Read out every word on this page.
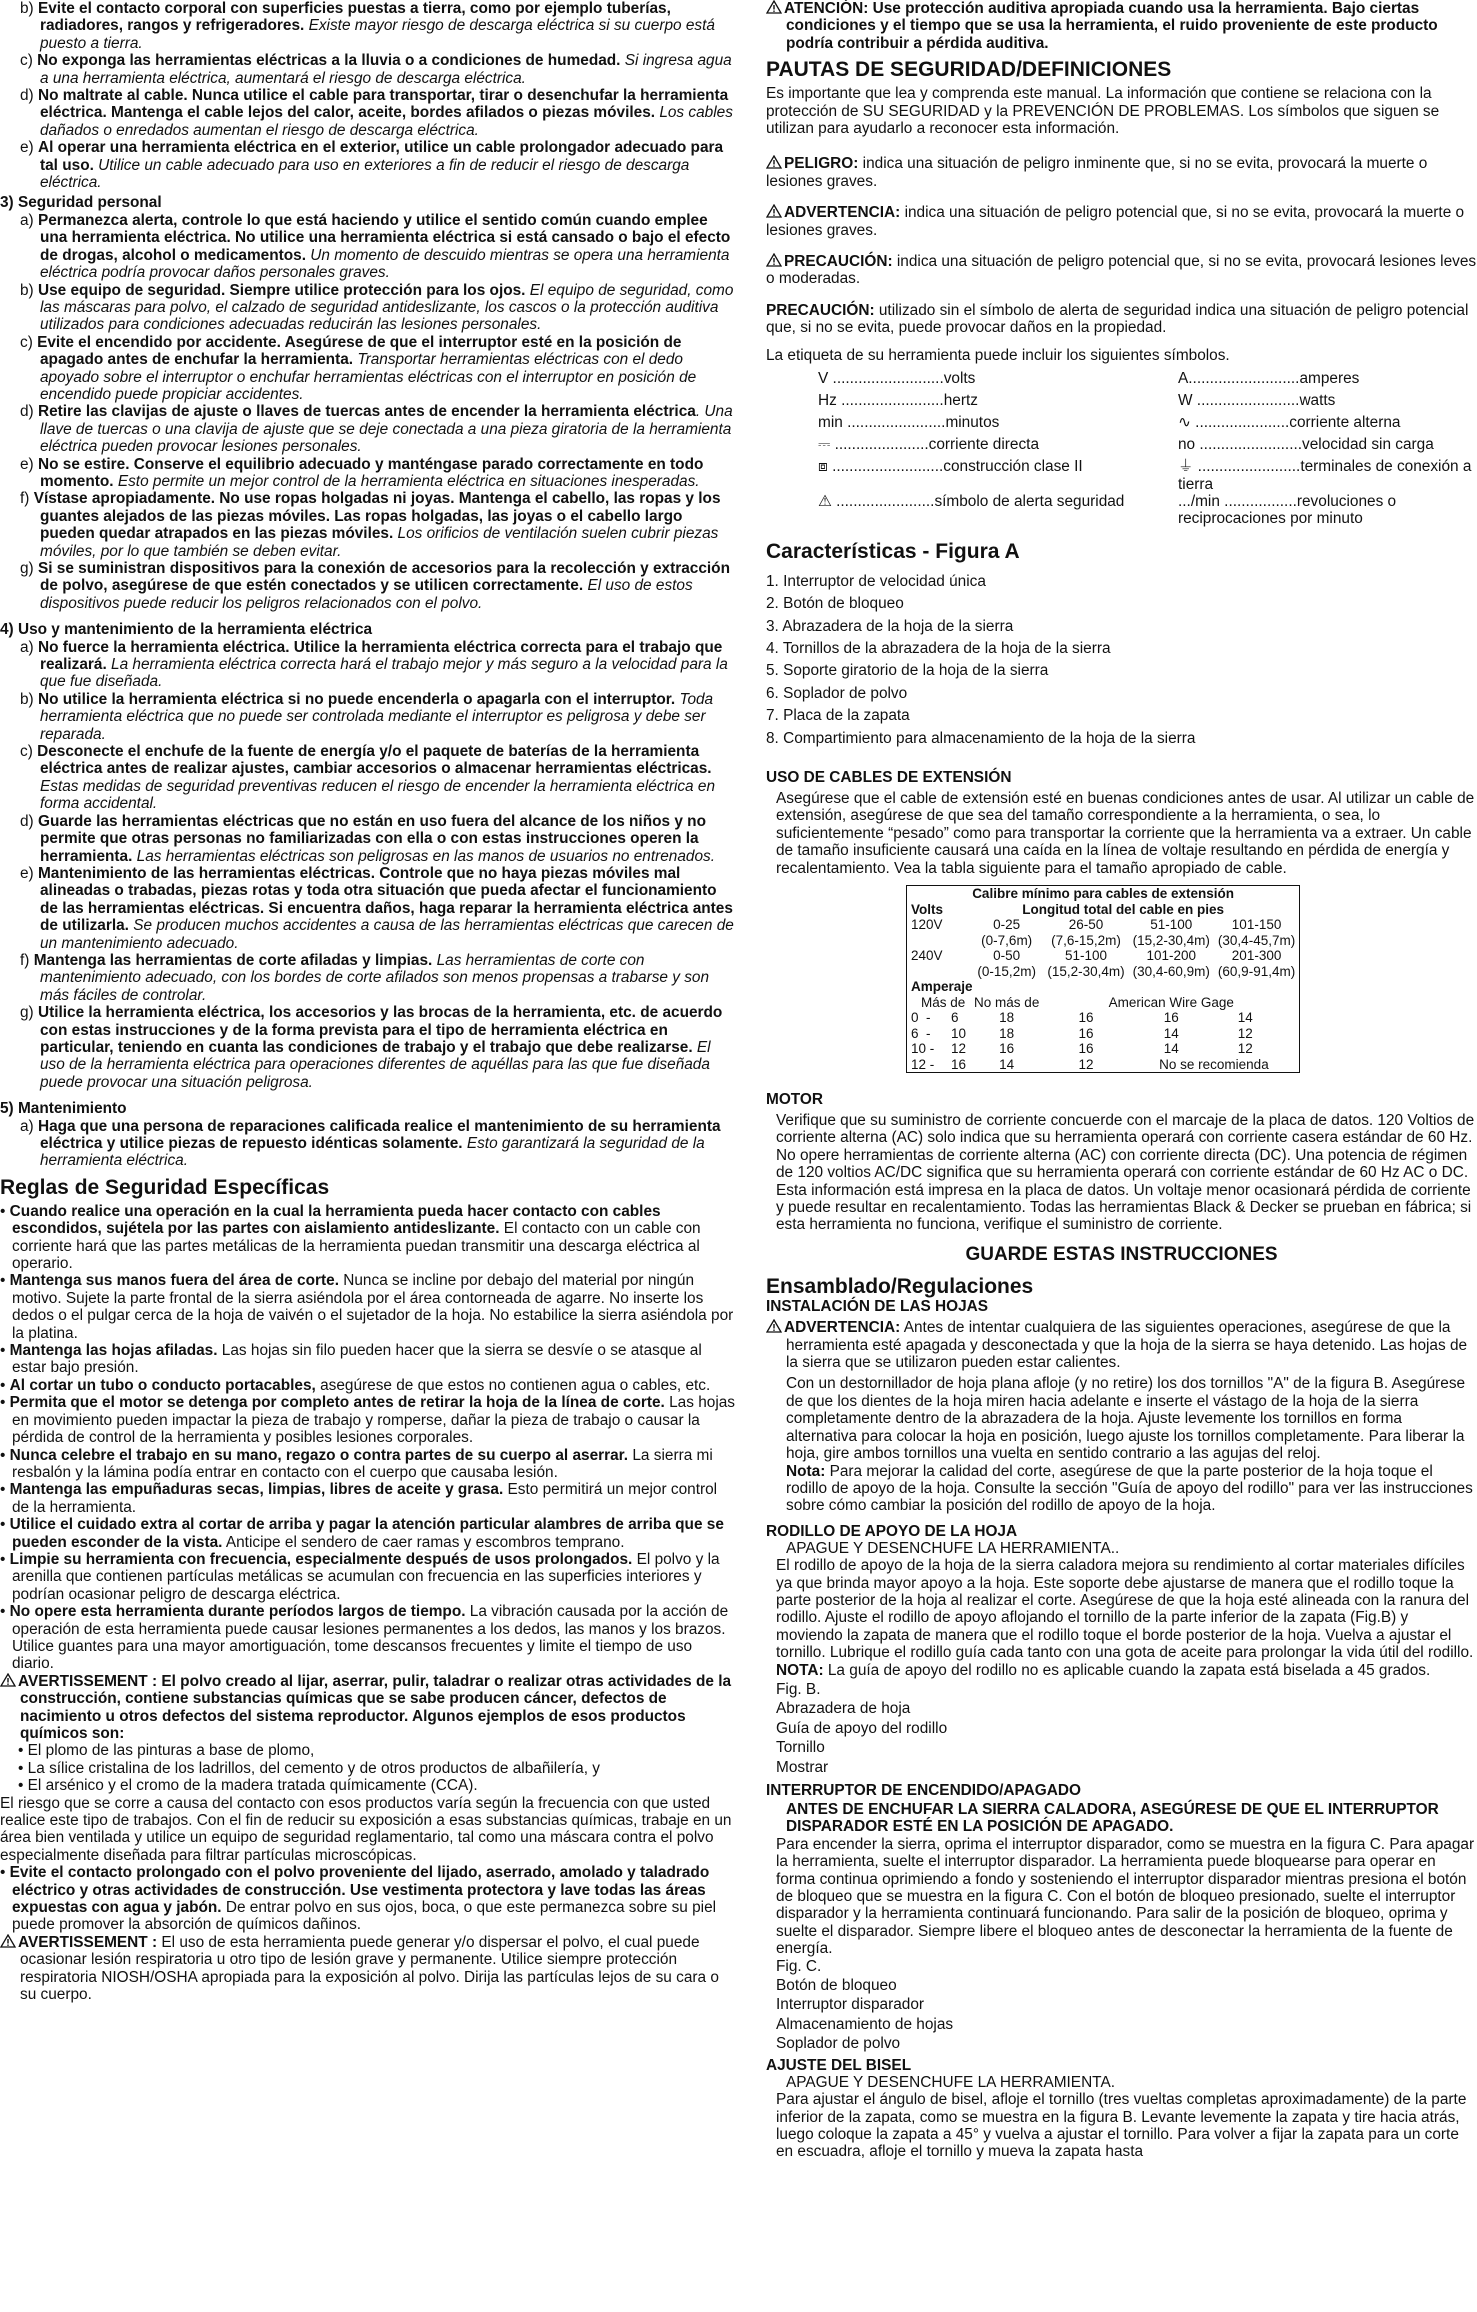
b) Evite el contacto corporal con superficies puestas a tierra, como por ejemplo tuberías, radiadores, rangos y refrigeradores. Existe mayor riesgo de descarga eléctrica si su cuerpo está puesto a tierra.

c) No exponga las herramientas eléctricas a la lluvia o a condiciones de humedad. Si ingresa agua a una herramienta eléctrica, aumentará el riesgo de descarga eléctrica.

d) No maltrate al cable. Nunca utilice el cable para transportar, tirar o desenchufar la herramienta eléctrica. Mantenga el cable lejos del calor, aceite, bordes afilados o piezas móviles. Los cables dañados o enredados aumentan el riesgo de descarga eléctrica.

e) Al operar una herramienta eléctrica en el exterior, utilice un cable prolongador adecuado para tal uso. Utilice un cable adecuado para uso en exteriores a fin de reducir el riesgo de descarga eléctrica.

3) Seguridad personal

a) Permanezca alerta, controle lo que está haciendo y utilice el sentido común cuando emplee una herramienta eléctrica. No utilice una herramienta eléctrica si está cansado o bajo el efecto de drogas, alcohol o medicamentos. Un momento de descuido mientras se opera una herramienta eléctrica podría provocar daños personales graves.

b) Use equipo de seguridad. Siempre utilice protección para los ojos. El equipo de seguridad, como las máscaras para polvo, el calzado de seguridad antideslizante, los cascos o la protección auditiva utilizados para condiciones adecuadas reducirán las lesiones personales.

c) Evite el encendido por accidente. Asegúrese de que el interruptor esté en la posición de apagado antes de enchufar la herramienta. Transportar herramientas eléctricas con el dedo apoyado sobre el interruptor o enchufar herramientas eléctricas con el interruptor en posición de encendido puede propiciar accidentes.

d) Retire las clavijas de ajuste o llaves de tuercas antes de encender la herramienta eléctrica. Una llave de tuercas o una clavija de ajuste que se deje conectada a una pieza giratoria de la herramienta eléctrica pueden provocar lesiones personales.

e) No se estire. Conserve el equilibrio adecuado y manténgase parado correctamente en todo momento. Esto permite un mejor control de la herramienta eléctrica en situaciones inesperadas.

f) Vístase apropiadamente. No use ropas holgadas ni joyas. Mantenga el cabello, las ropas y los guantes alejados de las piezas móviles. Las ropas holgadas, las joyas o el cabello largo pueden quedar atrapados en las piezas móviles. Los orificios de ventilación suelen cubrir piezas móviles, por lo que también se deben evitar.

g) Si se suministran dispositivos para la conexión de accesorios para la recolección y extracción de polvo, asegúrese de que estén conectados y se utilicen correctamente. El uso de estos dispositivos puede reducir los peligros relacionados con el polvo.

4) Uso y mantenimiento de la herramienta eléctrica

a) No fuerce la herramienta eléctrica. Utilice la herramienta eléctrica correcta para el trabajo que realizará. La herramienta eléctrica correcta hará el trabajo mejor y más seguro a la velocidad para la que fue diseñada.

b) No utilice la herramienta eléctrica si no puede encenderla o apagarla con el interruptor. Toda herramienta eléctrica que no puede ser controlada mediante el interruptor es peligrosa y debe ser reparada.

c) Desconecte el enchufe de la fuente de energía y/o el paquete de baterías de la herramienta eléctrica antes de realizar ajustes, cambiar accesorios o almacenar herramientas eléctricas. Estas medidas de seguridad preventivas reducen el riesgo de encender la herramienta eléctrica en forma accidental.

d) Guarde las herramientas eléctricas que no están en uso fuera del alcance de los niños y no permite que otras personas no familiarizadas con ella o con estas instrucciones operen la herramienta. Las herramientas eléctricas son peligrosas en las manos de usuarios no entrenados.

e) Mantenimiento de las herramientas eléctricas. Controle que no haya piezas móviles mal alineadas o trabadas, piezas rotas y toda otra situación que pueda afectar el funcionamiento de las herramientas eléctricas. Si encuentra daños, haga reparar la herramienta eléctrica antes de utilizarla. Se producen muchos accidentes a causa de las herramientas eléctricas que carecen de un mantenimiento adecuado.

f) Mantenga las herramientas de corte afiladas y limpias. Las herramientas de corte con mantenimiento adecuado, con los bordes de corte afilados son menos propensas a trabarse y son más fáciles de controlar.

g) Utilice la herramienta eléctrica, los accesorios y las brocas de la herramienta, etc. de acuerdo con estas instrucciones y de la forma prevista para el tipo de herramienta eléctrica en particular, teniendo en cuanta las condiciones de trabajo y el trabajo que debe realizarse. El uso de la herramienta eléctrica para operaciones diferentes de aquéllas para las que fue diseñada puede provocar una situación peligrosa.

5) Mantenimiento

a) Haga que una persona de reparaciones calificada realice el mantenimiento de su herramienta eléctrica y utilice piezas de repuesto idénticas solamente. Esto garantizará la seguridad de la herramienta eléctrica.

Reglas de Seguridad Específicas

• Cuando realice una operación en la cual la herramienta pueda hacer contacto con cables escondidos, sujétela por las partes con aislamiento antideslizante. El contacto con un cable con corriente hará que las partes metálicas de la herramienta puedan transmitir una descarga eléctrica al operario.

• Mantenga sus manos fuera del área de corte. Nunca se incline por debajo del material por ningún motivo. Sujete la parte frontal de la sierra asiéndola por el área contorneada de agarre. No inserte los dedos o el pulgar cerca de la hoja de vaivén o el sujetador de la hoja. No estabilice la sierra asiéndola por la platina.

• Mantenga las hojas afiladas. Las hojas sin filo pueden hacer que la sierra se desvíe o se atasque al estar bajo presión.

• Al cortar un tubo o conducto portacables, asegúrese de que estos no contienen agua o cables, etc.

• Permita que el motor se detenga por completo antes de retirar la hoja de la línea de corte. Las hojas en movimiento pueden impactar la pieza de trabajo y romperse, dañar la pieza de trabajo o causar la pérdida de control de la herramienta y posibles lesiones corporales.

• Nunca celebre el trabajo en su mano, regazo o contra partes de su cuerpo al aserrar. La sierra mi resbalón y la lámina podía entrar en contacto con el cuerpo que causaba lesión.

• Mantenga las empuñaduras secas, limpias, libres de aceite y grasa. Esto permitirá un mejor control de la herramienta.

• Utilice el cuidado extra al cortar de arriba y pagar la atención particular alambres de arriba que se pueden esconder de la vista. Anticipe el sendero de caer ramas y escombros temprano.

• Limpie su herramienta con frecuencia, especialmente después de usos prolongados. El polvo y la arenilla que contienen partículas metálicas se acumulan con frecuencia en las superficies interiores y podrían ocasionar peligro de descarga eléctrica.

• No opere esta herramienta durante períodos largos de tiempo. La vibración causada por la acción de operación de esta herramienta puede causar lesiones permanentes a los dedos, las manos y los brazos. Utilice guantes para una mayor amortiguación, tome descansos frecuentes y limite el tiempo de uso diario.

AVERTISSEMENT : El polvo creado al lijar, aserrar, pulir, taladrar o realizar otras actividades de la construcción, contiene substancias químicas que se sabe producen cáncer, defectos de nacimiento u otros defectos del sistema reproductor. Algunos ejemplos de esos productos químicos son:

• El plomo de las pinturas a base de plomo,

• La sílice cristalina de los ladrillos, del cemento y de otros productos de albañilería, y

• El arsénico y el cromo de la madera tratada químicamente (CCA).

El riesgo que se corre a causa del contacto con esos productos varía según la frecuencia con que usted realice este tipo de trabajos. Con el fin de reducir su exposición a esas substancias químicas, trabaje en un área bien ventilada y utilice un equipo de seguridad reglamentario, tal como una máscara contra el polvo especialmente diseñada para filtrar partículas microscópicas.

• Evite el contacto prolongado con el polvo proveniente del lijado, aserrado, amolado y taladrado eléctrico y otras actividades de construcción. Use vestimenta protectora y lave todas las áreas expuestas con agua y jabón. De entrar polvo en sus ojos, boca, o que este permanezca sobre su piel puede promover la absorción de químicos dañinos.

AVERTISSEMENT : El uso de esta herramienta puede generar y/o dispersar el polvo, el cual puede ocasionar lesión respiratoria u otro tipo de lesión grave y permanente. Utilice siempre protección respiratoria NIOSH/OSHA apropiada para la exposición al polvo. Dirija las partículas lejos de su cara o su cuerpo.

ATENCIÓN: Use protección auditiva apropiada cuando usa la herramienta. Bajo ciertas condiciones y el tiempo que se usa la herramienta, el ruido proveniente de este producto podría contribuir a pérdida auditiva.

PAUTAS DE SEGURIDAD/DEFINICIONES

Es importante que lea y comprenda este manual. La información que contiene se relaciona con la protección de SU SEGURIDAD y la PREVENCIÓN DE PROBLEMAS. Los símbolos que siguen se utilizan para ayudarlo a reconocer esta información.

PELIGRO: indica una situación de peligro inminente que, si no se evita, provocará la muerte o lesiones graves.

ADVERTENCIA: indica una situación de peligro potencial que, si no se evita, provocará la muerte o lesiones graves.

PRECAUCIÓN: indica una situación de peligro potencial que, si no se evita, provocará lesiones leves o moderadas.

PRECAUCIÓN: utilizado sin el símbolo de alerta de seguridad indica una situación de peligro potencial que, si no se evita, puede provocar daños en la propiedad.

La etiqueta de su herramienta puede incluir los siguientes símbolos.

V ..........................volts	A..........................amperes
Hz ........................hertz	W ........................watts
min .......................minutos	∿ ......................corriente alterna
⎓ ......................corriente directa	no ........................velocidad sin carga
⧈ ..........................construcción clase II	⏚ ........................terminales de conexión a tierra
⚠ .......................símbolo de alerta seguridad	.../min .................revoluciones o reciprocaciones por minuto
Características - Figura A

1. Interruptor de velocidad única

2. Botón de bloqueo

3. Abrazadera de la hoja de la sierra

4. Tornillos de la abrazadera de la hoja de la sierra

5. Soporte giratorio de la hoja de la sierra

6. Soplador de polvo

7. Placa de la zapata

8. Compartimiento para almacenamiento de la hoja de la sierra

USO DE CABLES DE EXTENSIÓN

Asegúrese que el cable de extensión esté en buenas condiciones antes de usar. Al utilizar un cable de extensión, asegúrese de que sea del tamaño correspondiente a la herramienta, o sea, lo suficientemente “pesado” como para transportar la corriente que la herramienta va a extraer. Un cable de tamaño insuficiente causará una caída en la línea de voltaje resultando en pérdida de energía y recalentamiento. Vea la tabla siguiente para el tamaño apropiado de cable.

Calibre mínimo para cables de extensión						
Volts	Longitud total del cable en pies					
120V		0-25	26-50	51-100	101-150	
		(0-7,6m)	(7,6-15,2m)	(15,2-30,4m)	(30,4-45,7m)	
240V		0-50	51-100	101-200	201-300	
		(0-15,2m)	(15,2-30,4m)	(30,4-60,9m)	(60,9-91,4m)	
Amperaje						
Más de		No más de	American Wire Gage			
0 -	6	18	16	16	14	
6 -	10	18	16	14	12	
10 -	12	16	16	14	12	
12 -	16	14	12	No se recomienda		
MOTOR

Verifique que su suministro de corriente concuerde con el marcaje de la placa de datos. 120 Voltios de corriente alterna (AC) solo indica que su herramienta operará con corriente casera estándar de 60 Hz. No opere herramientas de corriente alterna (AC) con corriente directa (DC). Una potencia de régimen de 120 voltios AC/DC significa que su herramienta operará con corriente estándar de 60 Hz AC o DC. Esta información está impresa en la placa de datos. Un voltaje menor ocasionará pérdida de corriente y puede resultar en recalentamiento. Todas las herramientas Black & Decker se prueban en fábrica; si esta herramienta no funciona, verifique el suministro de corriente.

GUARDE ESTAS INSTRUCCIONES

Ensamblado/Regulaciones
INSTALACIÓN DE LAS HOJAS

ADVERTENCIA: Antes de intentar cualquiera de las siguientes operaciones, asegúrese de que la herramienta esté apagada y desconectada y que la hoja de la sierra se haya detenido. Las hojas de la sierra que se utilizaron pueden estar calientes.

Con un destornillador de hoja plana afloje (y no retire) los dos tornillos "A" de la figura B. Asegúrese de que los dientes de la hoja miren hacia adelante e inserte el vástago de la hoja de la sierra completamente dentro de la abrazadera de la hoja. Ajuste levemente los tornillos en forma alternativa para colocar la hoja en posición, luego ajuste los tornillos completamente. Para liberar la hoja, gire ambos tornillos una vuelta en sentido contrario a las agujas del reloj.

Nota: Para mejorar la calidad del corte, asegúrese de que la parte posterior de la hoja toque el rodillo de apoyo de la hoja. Consulte la sección "Guía de apoyo del rodillo" para ver las instrucciones sobre cómo cambiar la posición del rodillo de apoyo de la hoja.

RODILLO DE APOYO DE LA HOJA

APAGUE Y DESENCHUFE LA HERRAMIENTA..

El rodillo de apoyo de la hoja de la sierra caladora mejora su rendimiento al cortar materiales difíciles ya que brinda mayor apoyo a la hoja. Este soporte debe ajustarse de manera que el rodillo toque la parte posterior de la hoja al realizar el corte. Asegúrese de que la hoja esté alineada con la ranura del rodillo. Ajuste el rodillo de apoyo aflojando el tornillo de la parte inferior de la zapata (Fig.B) y moviendo la zapata de manera que el rodillo toque el borde posterior de la hoja. Vuelva a ajustar el tornillo. Lubrique el rodillo guía cada tanto con una gota de aceite para prolongar la vida útil del rodillo.

NOTA: La guía de apoyo del rodillo no es aplicable cuando la zapata está biselada a 45 grados.

Fig. B.

Abrazadera de hoja

Guía de apoyo del rodillo

Tornillo

Mostrar

INTERRUPTOR DE ENCENDIDO/APAGADO

ANTES DE ENCHUFAR LA SIERRA CALADORA, ASEGÚRESE DE QUE EL INTERRUPTOR DISPARADOR ESTÉ EN LA POSICIÓN DE APAGADO.

Para encender la sierra, oprima el interruptor disparador, como se muestra en la figura C. Para apagar la herramienta, suelte el interruptor disparador. La herramienta puede bloquearse para operar en forma continua oprimiendo a fondo y sosteniendo el interruptor disparador mientras presiona el botón de bloqueo que se muestra en la figura C. Con el botón de bloqueo presionado, suelte el interruptor disparador y la herramienta continuará funcionando. Para salir de la posición de bloqueo, oprima y suelte el disparador. Siempre libere el bloqueo antes de desconectar la herramienta de la fuente de energía.

Fig. C.

Botón de bloqueo

Interruptor disparador

Almacenamiento de hojas

Soplador de polvo

AJUSTE DEL BISEL

APAGUE Y DESENCHUFE LA HERRAMIENTA.

Para ajustar el ángulo de bisel, afloje el tornillo (tres vueltas completas aproximadamente) de la parte inferior de la zapata, como se muestra en la figura B. Levante levemente la zapata y tire hacia atrás, luego coloque la zapata a 45° y vuelva a ajustar el tornillo. Para volver a fijar la zapata para un corte en escuadra, afloje el tornillo y mueva la zapata hasta
